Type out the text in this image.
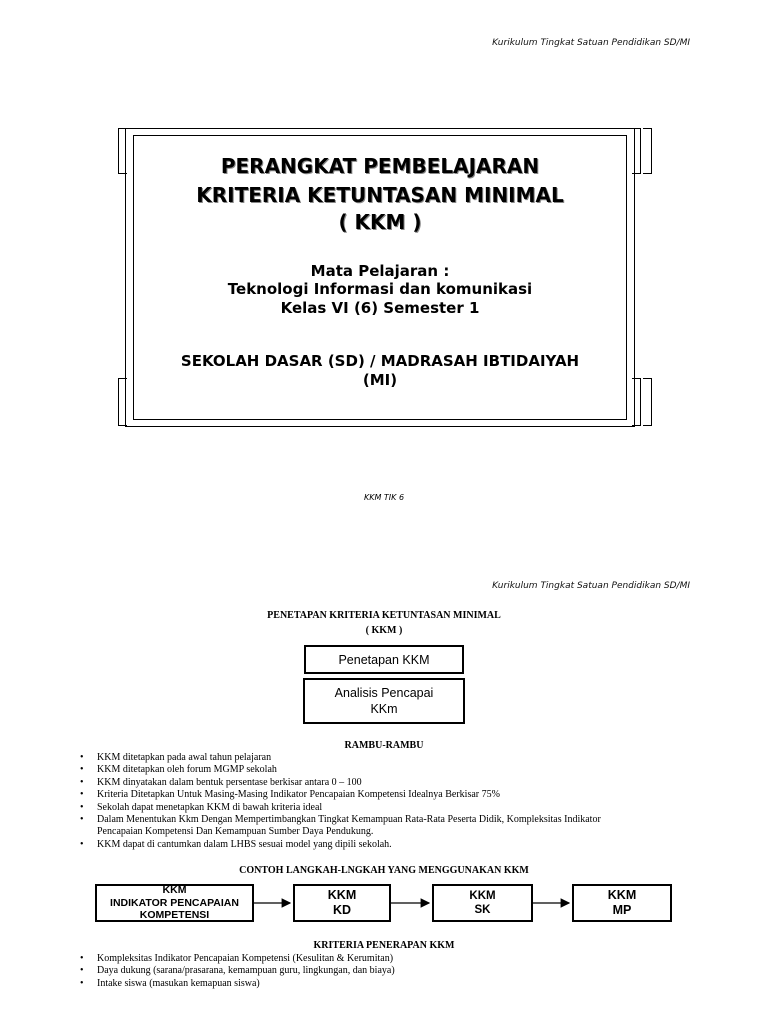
Kurikulum Tingkat Satuan Pendidikan SD/MI
PERANGKAT PEMBELAJARAN
KRITERIA KETUNTASAN MINIMAL
( KKM )
Mata Pelajaran :
Teknologi Informasi dan komunikasi
Kelas VI (6) Semester 1
SEKOLAH DASAR (SD) / MADRASAH IBTIDAIYAH
(MI)
KKM TIK 6
Kurikulum Tingkat Satuan Pendidikan SD/MI
PENETAPAN KRITERIA KETUNTASAN MINIMAL
( KKM )
Penetapan KKM
Analisis Pencapai
KKm
RAMBU-RAMBU
• KKM ditetapkan pada awal tahun pelajaran
• KKM ditetapkan oleh forum MGMP sekolah
• KKM dinyatakan dalam bentuk persentase berkisar antara 0 – 100
• Kriteria Ditetapkan Untuk Masing-Masing Indikator Pencapaian Kompetensi Idealnya Berkisar 75%
• Sekolah dapat menetapkan KKM di bawah kriteria ideal
• Dalam Menentukan Kkm Dengan Mempertimbangkan Tingkat Kemampuan Rata-Rata Peserta Didik, Kompleksitas Indikator
Pencapaian Kompetensi Dan Kemampuan Sumber Daya Pendukung.
• KKM dapat di cantumkan dalam LHBS sesuai model yang dipili sekolah.
CONTOH LANGKAH-LNGKAH YANG MENGGUNAKAN KKM
KKM
INDIKATOR PENCAPAIAN
KOMPETENSI
KKM
KD
KKM
SK
KKM
MP
KRITERIA PENERAPAN KKM
• Kompleksitas Indikator Pencapaian Kompetensi (Kesulitan & Kerumitan)
• Daya dukung (sarana/prasarana, kemampuan guru, lingkungan, dan biaya)
• Intake siswa (masukan kemapuan siswa)
